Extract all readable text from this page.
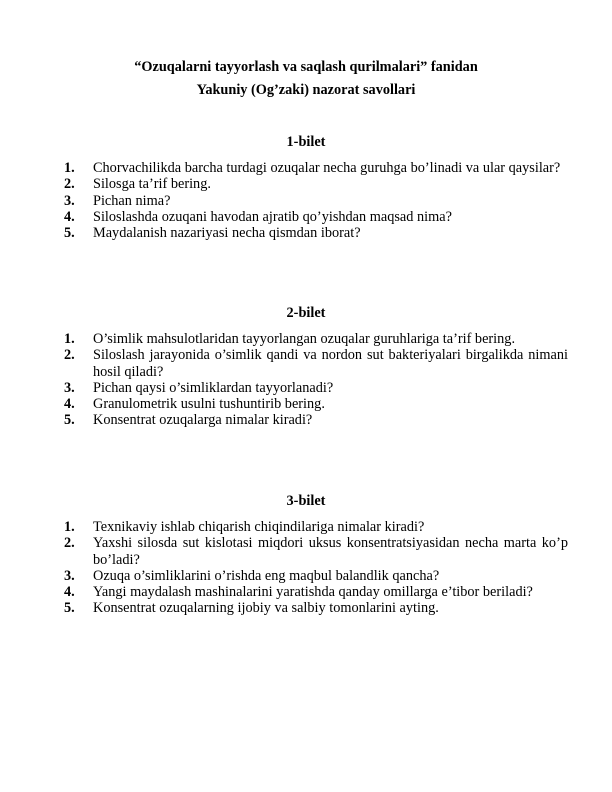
“Ozuqalarni tayyorlash va saqlash qurilmalari” fanidan
Yakuniy (Og’zaki) nazorat savollari
1-bilet
1. Chorvachilikda barcha turdagi ozuqalar necha guruhga bo’linadi va ular qaysilar?
2. Silosga ta’rif bering.
3. Pichan nima?
4. Siloslashda ozuqani havodan ajratib qo’yishdan maqsad nima?
5. Maydalanish nazariyasi necha qismdan iborat?
2-bilet
1. O’simlik mahsulotlaridan tayyorlangan ozuqalar guruhlariga ta’rif bering.
2. Siloslash jarayonida o’simlik qandi va nordon sut bakteriyalari birgalikda nimani hosil qiladi?
3. Pichan qaysi o’simliklardan tayyorlanadi?
4. Granulometrik usulni tushuntirib bering.
5. Konsentrat ozuqalarga nimalar kiradi?
3-bilet
1. Texnikaviy ishlab chiqarish chiqindilariga nimalar kiradi?
2. Yaxshi silosda sut kislotasi miqdori uksus konsentratsiyasidan necha marta ko’p bo’ladi?
3. Ozuqa o’simliklarini o’rishda eng maqbul balandlik qancha?
4. Yangi maydalash mashinalarini yaratishda qanday omillarga e’tibor beriladi?
5. Konsentrat ozuqalarning ijobiy va salbiy tomonlarini ayting.
